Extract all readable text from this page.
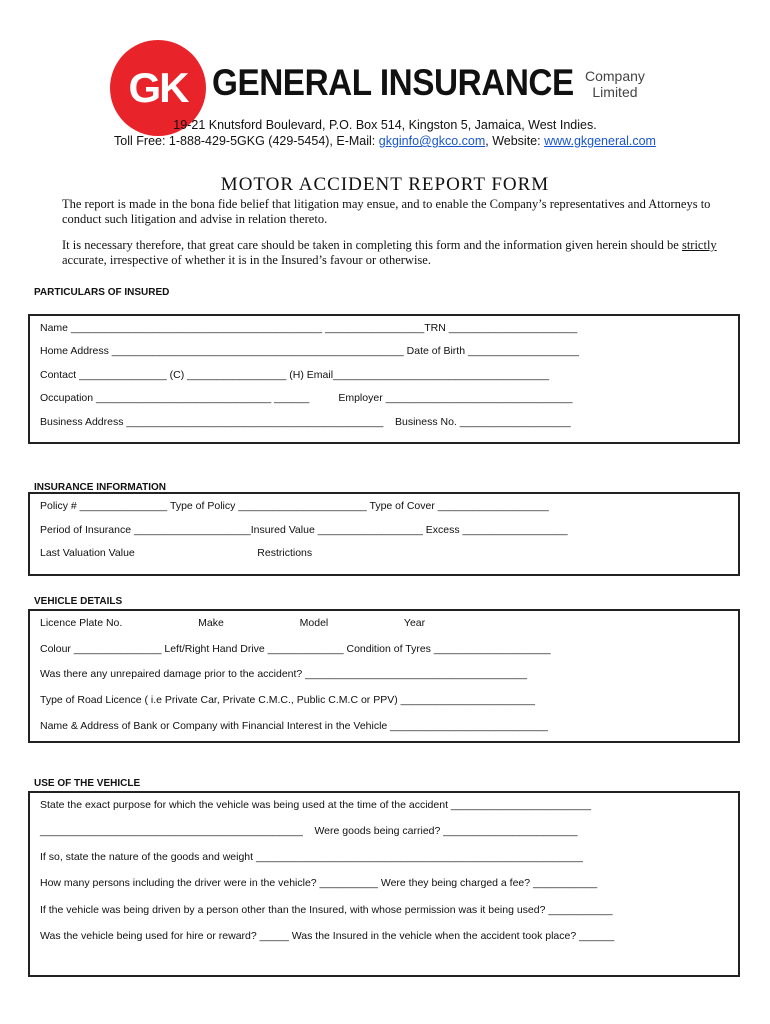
GK GENERAL INSURANCE Company
Limited
19-21 Knutsford Boulevard, P.O. Box 514, Kingston 5, Jamaica, West Indies.
Toll Free: 1-888-429-5GKG (429-5454), E-Mail: gkginfo@gkco.com, Website: www.gkgeneral.com
MOTOR ACCIDENT REPORT FORM
The report is made in the bona fide belief that litigation may ensue, and to enable the Company’s representatives and Attorneys to conduct such litigation and advise in relation thereto.
It is necessary therefore, that great care should be taken in completing this form and the information given herein should be strictly accurate, irrespective of whether it is in the Insured’s favour or otherwise.
PARTICULARS OF INSURED
Name ___________________________________________ _________________TRN ______________________
Home Address __________________________________________________ Date of Birth ___________________
Contact _______________ (C) _________________ (H) Email_____________________________________
Occupation ______________________________ ______          Employer ________________________________
Business Address ____________________________________________    Business No. ___________________
INSURANCE INFORMATION
Policy # _______________ Type of Policy ______________________ Type of Cover ___________________
Period of Insurance ____________________Insured Value __________________ Excess __________________
Last Valuation Value                                          Restrictions
VEHICLE DETAILS
Licence Plate No.                          Make                          Model                          Year
Colour _______________ Left/Right Hand Drive _____________ Condition of Tyres ____________________
Was there any unrepaired damage prior to the accident? ______________________________________
Type of Road Licence ( i.e Private Car, Private C.M.C., Public C.M.C or PPV) _______________________
Name & Address of Bank or Company with Financial Interest in the Vehicle ___________________________
USE OF THE VEHICLE
State the exact purpose for which the vehicle was being used at the time of the accident ________________________
_____________________________________________    Were goods being carried? _______________________
If so, state the nature of the goods and weight ________________________________________________________
How many persons including the driver were in the vehicle? __________ Were they being charged a fee? ___________
If the vehicle was being driven by a person other than the Insured, with whose permission was it being used? ___________
Was the vehicle being used for hire or reward? _____ Was the Insured in the vehicle when the accident took place? ______
